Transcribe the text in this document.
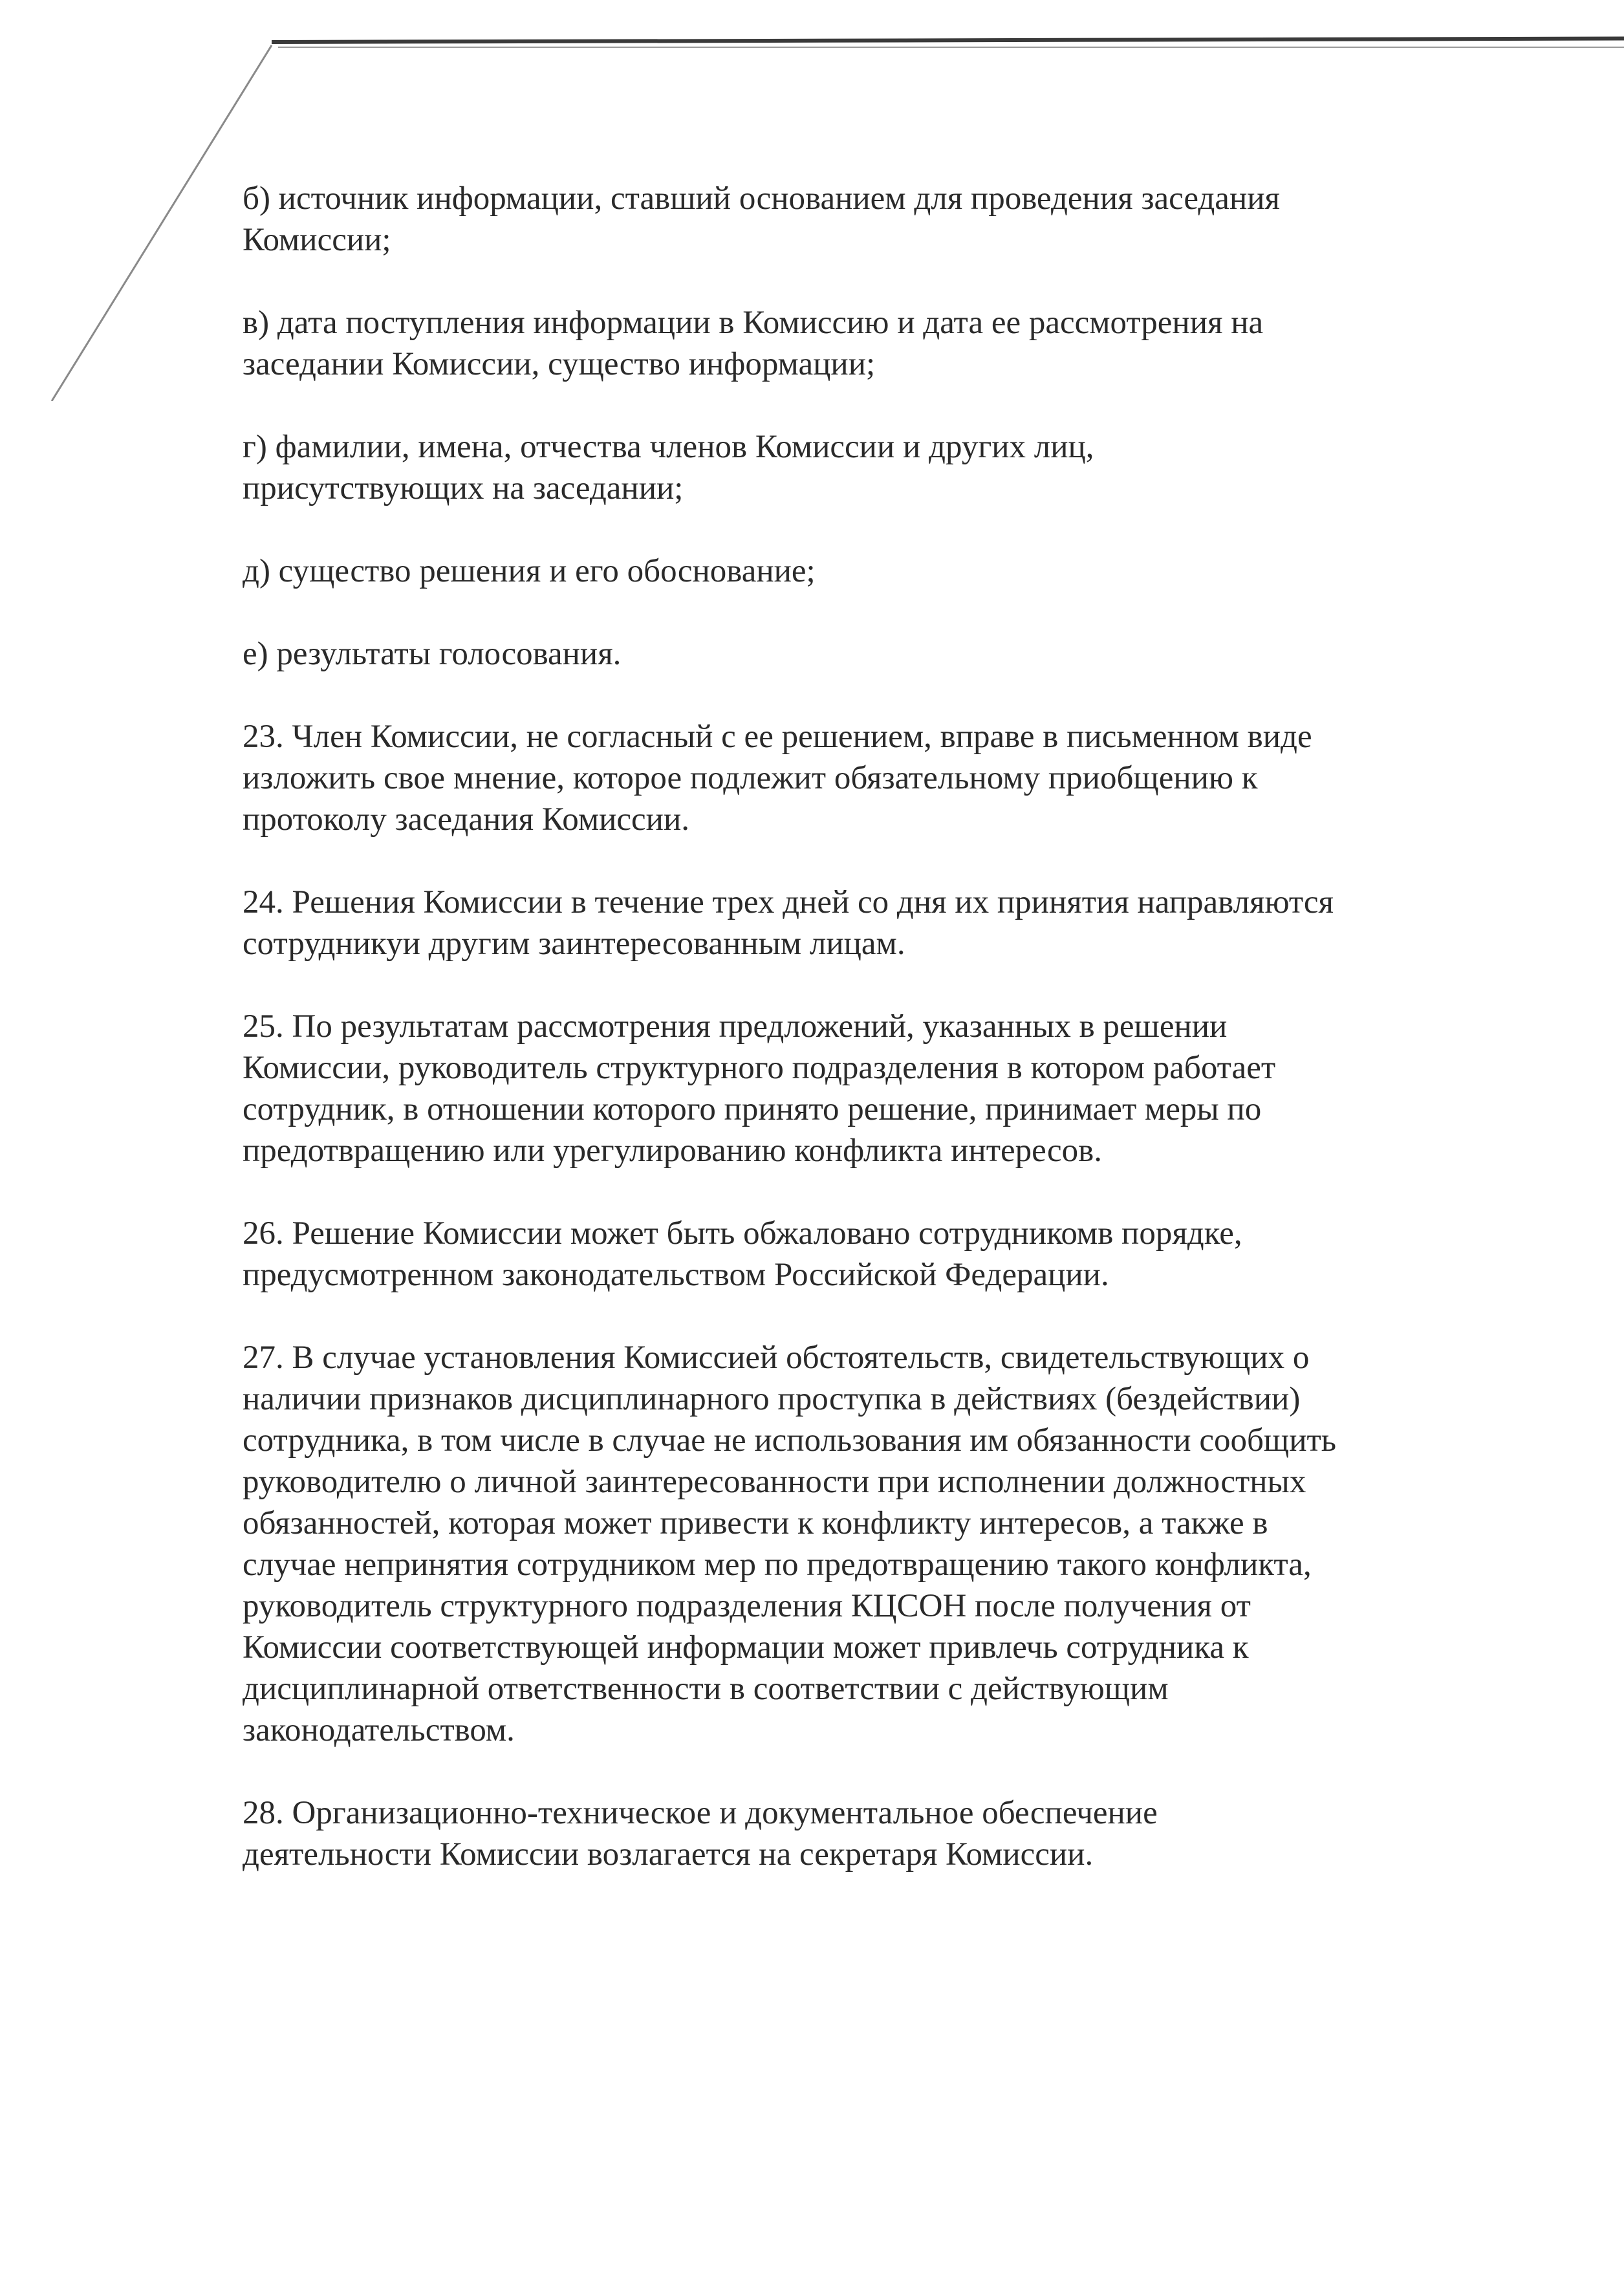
б) источник информации, ставший основанием для проведения заседания
Комиссии;

в) дата поступления информации в Комиссию и дата ее рассмотрения на
заседании Комиссии, существо информации;

г) фамилии, имена, отчества членов Комиссии и других лиц,
присутствующих на заседании;

д) существо решения и его обоснование;

е) результаты голосования.

23. Член Комиссии, не согласный с ее решением, вправе в письменном виде
изложить свое мнение, которое подлежит обязательному приобщению к
протоколу заседания Комиссии.

24. Решения Комиссии в течение трех дней со дня их принятия направляются
сотрудникуи другим заинтересованным лицам.

25. По результатам рассмотрения предложений, указанных в решении
Комиссии, руководитель структурного подразделения в котором работает
сотрудник, в отношении которого принято решение, принимает меры по
предотвращению или урегулированию конфликта интересов.

26. Решение Комиссии может быть обжаловано сотрудникомв порядке,
предусмотренном законодательством Российской Федерации.

27. В случае установления Комиссией обстоятельств, свидетельствующих о
наличии признаков дисциплинарного проступка в действиях (бездействии)
сотрудника, в том числе в случае не использования им обязанности сообщить
руководителю о личной заинтересованности при исполнении должностных
обязанностей, которая может привести к конфликту интересов, а также в
случае непринятия сотрудником мер по предотвращению такого конфликта,
руководитель структурного подразделения КЦСОН после получения от
Комиссии соответствующей информации может привлечь сотрудника к
дисциплинарной ответственности в соответствии с действующим
законодательством.

28. Организационно-техническое и документальное обеспечение
деятельности Комиссии возлагается на секретаря Комиссии.
